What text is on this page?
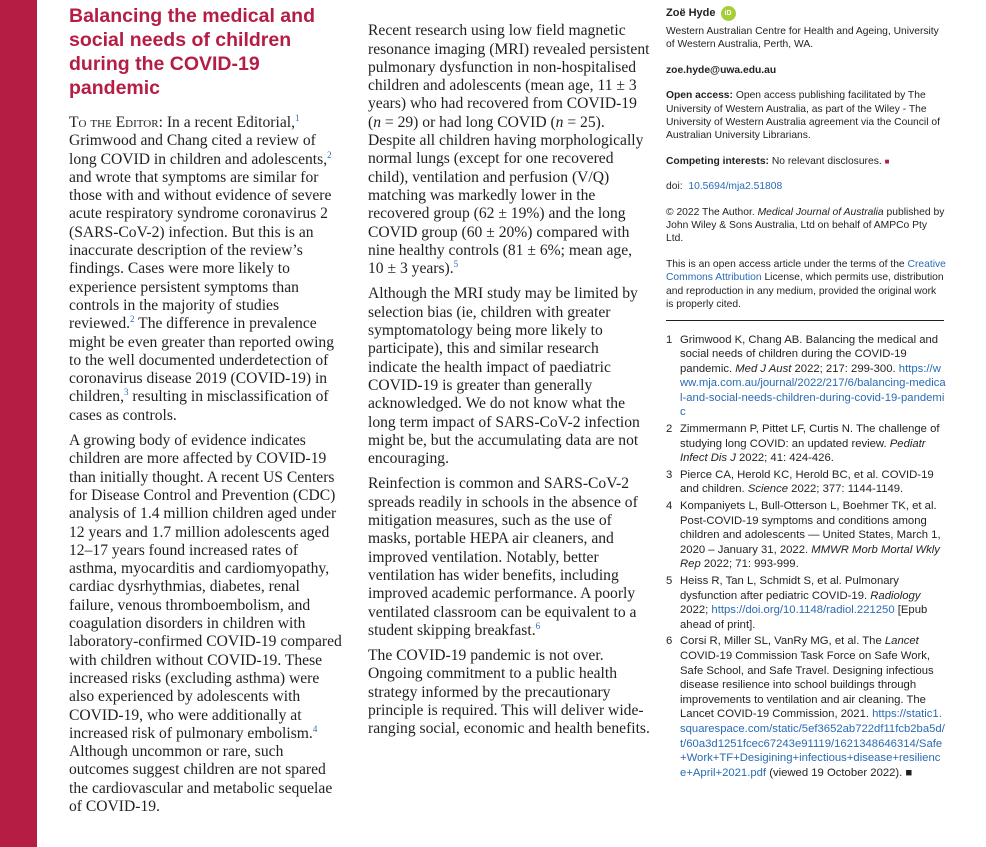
Balancing the medical and social needs of children during the COVID-19 pandemic

To the Editor: In a recent Editorial,$^1$ Grimwood and Chang cited a review of long COVID in children and adolescents,$^2$ and wrote that symptoms are similar for those with and without evidence of severe acute respiratory syndrome coronavirus 2 (SARS-CoV-2) infection. But this is an inaccurate description of the review’s findings. Cases were more likely to experience persistent symptoms than controls in the majority of studies reviewed.$^2$ The difference in prevalence might be even greater than reported owing to the well documented underdetection of coronavirus disease 2019 (COVID-19) in children,$^3$ resulting in misclassification of cases as controls.

A growing body of evidence indicates children are more affected by COVID-19 than initially thought. A recent US Centers for Disease Control and Prevention (CDC) analysis of 1.4 million children aged under 12 years and 1.7 million adolescents aged 12–17 years found increased rates of asthma, myocarditis and cardiomyopathy, cardiac dysrhythmias, diabetes, renal failure, venous thromboembolism, and coagulation disorders in children with laboratory-confirmed COVID-19 compared with children without COVID-19. These increased risks (excluding asthma) were also experienced by adolescents with COVID-19, who were additionally at increased risk of pulmonary embolism.$^4$ Although uncommon or rare, such outcomes suggest children are not spared the cardiovascular and metabolic sequelae of COVID-19.

Recent research using low field magnetic resonance imaging (MRI) revealed persistent pulmonary dysfunction in non-hospitalised children and adolescents (mean age, 11 ± 3 years) who had recovered from COVID-19 (n = 29) or had long COVID (n = 25). Despite all children having morphologically normal lungs (except for one recovered child), ventilation and perfusion (V/Q) matching was markedly lower in the recovered group (62 ± 19%) and the long COVID group (60 ± 20%) compared with nine healthy controls (81 ± 6%; mean age, 10 ± 3 years).$^5$

Although the MRI study may be limited by selection bias (ie, children with greater symptomatology being more likely to participate), this and similar research indicate the health impact of paediatric COVID-19 is greater than generally acknowledged. We do not know what the long term impact of SARS-CoV-2 infection might be, but the accumulating data are not encouraging.

Reinfection is common and SARS-CoV-2 spreads readily in schools in the absence of mitigation measures, such as the use of masks, portable HEPA air cleaners, and improved ventilation. Notably, better ventilation has wider benefits, including improved academic performance. A poorly ventilated classroom can be equivalent to a student skipping breakfast.$^6$

The COVID-19 pandemic is not over. Ongoing commitment to a public health strategy informed by the precautionary principle is required. This will deliver wide-ranging social, economic and health benefits.

Zoë Hyde	iD

Western Australian Centre for Health and Ageing, University of Western Australia, Perth, WA.

zoe.hyde@uwa.edu.au

Open access: Open access publishing facilitated by The University of Western Australia, as part of the Wiley - The University of Western Australia agreement via the Council of Australian University Librarians.

Competing interests: No relevant disclosures. ■

doi: 10.5694/mja2.51808

© 2022 The Author. Medical Journal of Australia published by John Wiley & Sons Australia, Ltd on behalf of AMPCo Pty Ltd.

This is an open access article under the terms of the Creative Commons Attribution License, which permits use, distribution and reproduction in any medium, provided the original work is properly cited.

1 Grimwood K, Chang AB. Balancing the medical and social needs of children during the COVID-19 pandemic. Med J Aust 2022; 217: 299-300. https://www.mja.com.au/journal/2022/217/6/balancing-medical-and-social-needs-children-during-covid-19-pandemic
2 Zimmermann P, Pittet LF, Curtis N. The challenge of studying long COVID: an updated review. Pediatr Infect Dis J 2022; 41: 424-426.
3 Pierce CA, Herold KC, Herold BC, et al. COVID-19 and children. Science 2022; 377: 1144-1149.
4 Kompaniyets L, Bull-Otterson L, Boehmer TK, et al. Post-COVID-19 symptoms and conditions among children and adolescents — United States, March 1, 2020 – January 31, 2022. MMWR Morb Mortal Wkly Rep 2022; 71: 993-999.
5 Heiss R, Tan L, Schmidt S, et al. Pulmonary dysfunction after pediatric COVID-19. Radiology 2022; https://doi.org/10.1148/radiol.221250 [Epub ahead of print].
6 Corsi R, Miller SL, VanRy MG, et al. The Lancet COVID-19 Commission Task Force on Safe Work, Safe School, and Safe Travel. Designing infectious disease resilience into school buildings through improvements to ventilation and air cleaning. The Lancet COVID-19 Commission, 2021. https://static1.squarespace.com/static/5ef3652ab722df11fcb2ba5d/t/60a3d1251fcec67243e91119/1621348646314/Safe+Work+TF+Desigining+infectious+disease+resilience+April+2021.pdf (viewed 19 October 2022). ■
